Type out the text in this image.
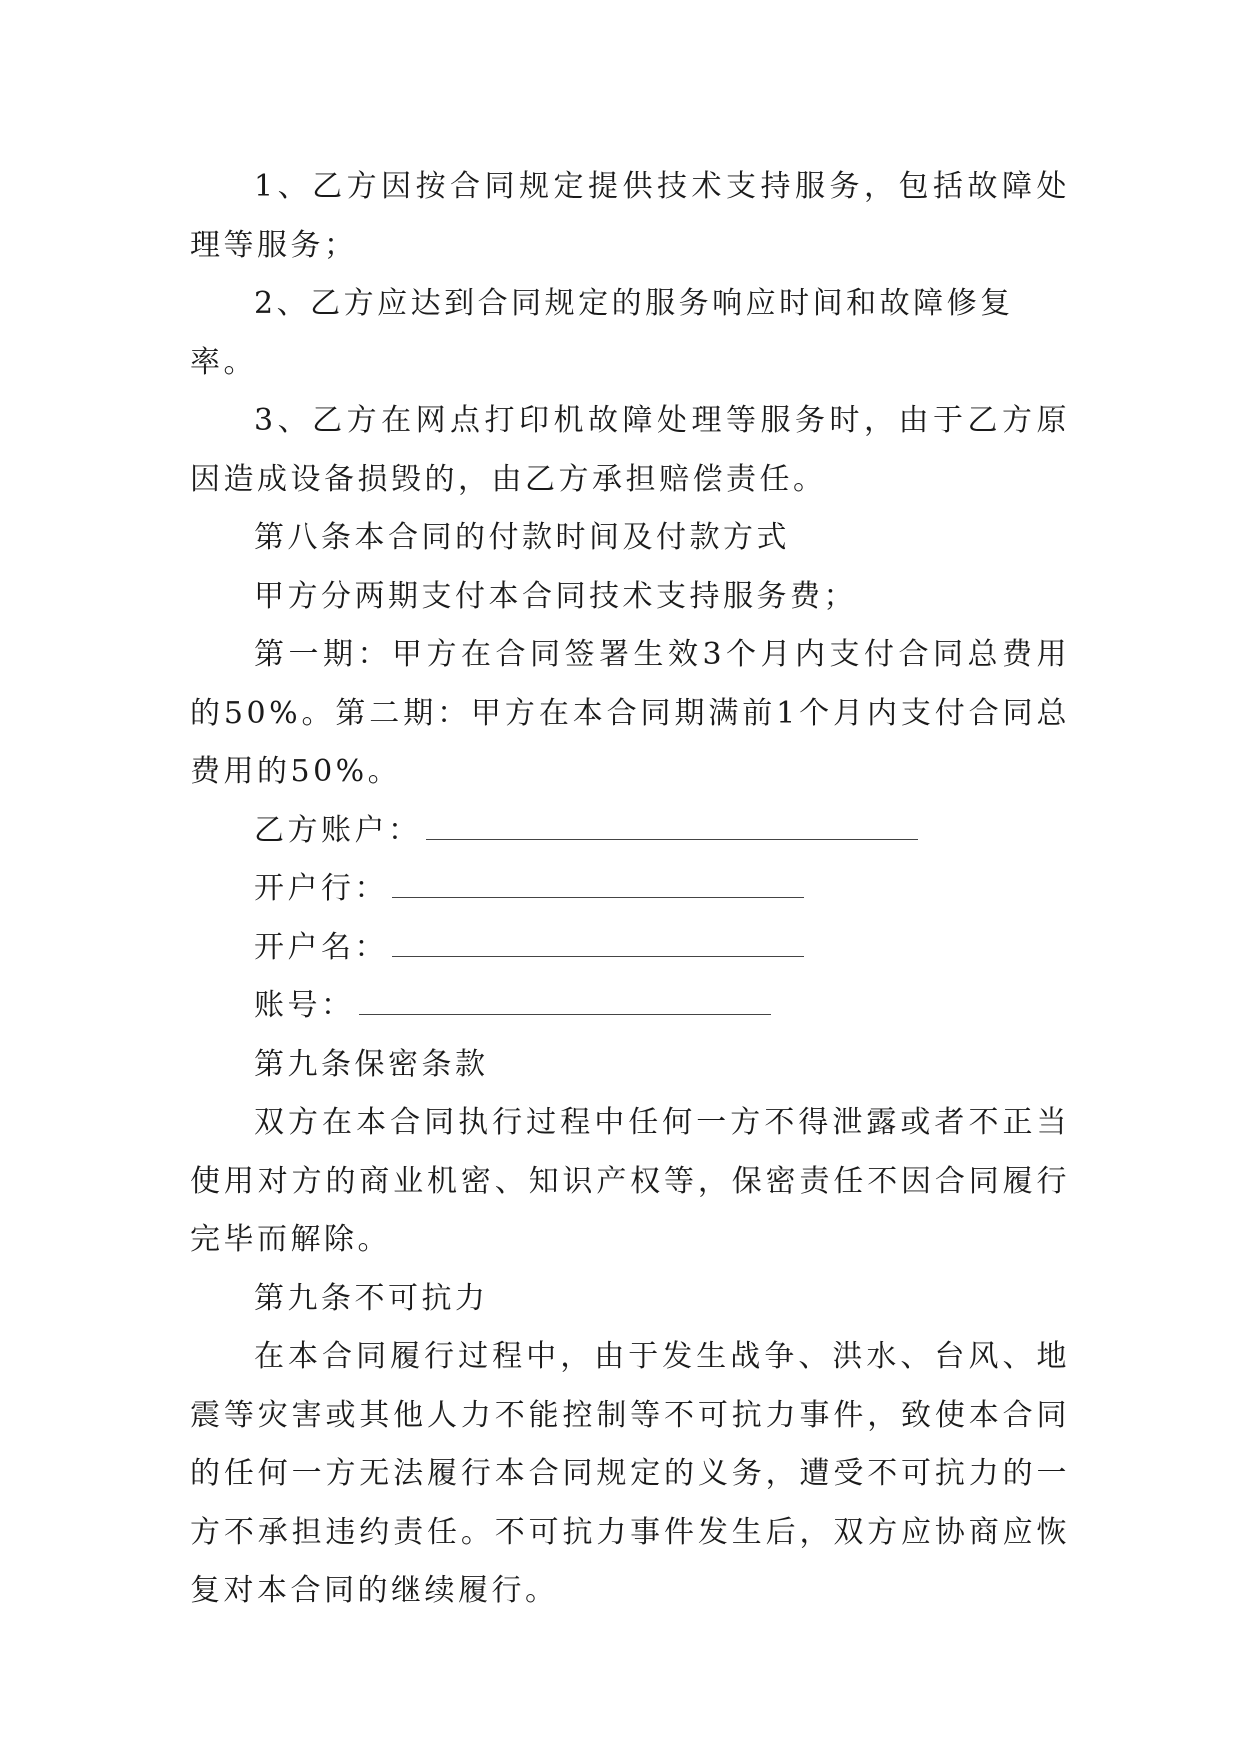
1、乙方因按合同规定提供技术支持服务，包括故障处理等服务；

2、乙方应达到合同规定的服务响应时间和故障修复率。

3、乙方在网点打印机故障处理等服务时，由于乙方原因造成设备损毁的，由乙方承担赔偿责任。

第八条本合同的付款时间及付款方式

甲方分两期支付本合同技术支持服务费；

第一期：甲方在合同签署生效3个月内支付合同总费用的50%。第二期：甲方在本合同期满前1个月内支付合同总费用的50%。

乙方账户：
开户行：
开户名：
账号：

第九条保密条款

双方在本合同执行过程中任何一方不得泄露或者不正当使用对方的商业机密、知识产权等，保密责任不因合同履行完毕而解除。

第九条不可抗力

在本合同履行过程中，由于发生战争、洪水、台风、地震等灾害或其他人力不能控制等不可抗力事件，致使本合同的任何一方无法履行本合同规定的义务，遭受不可抗力的一方不承担违约责任。不可抗力事件发生后，双方应协商应恢复对本合同的继续履行。
